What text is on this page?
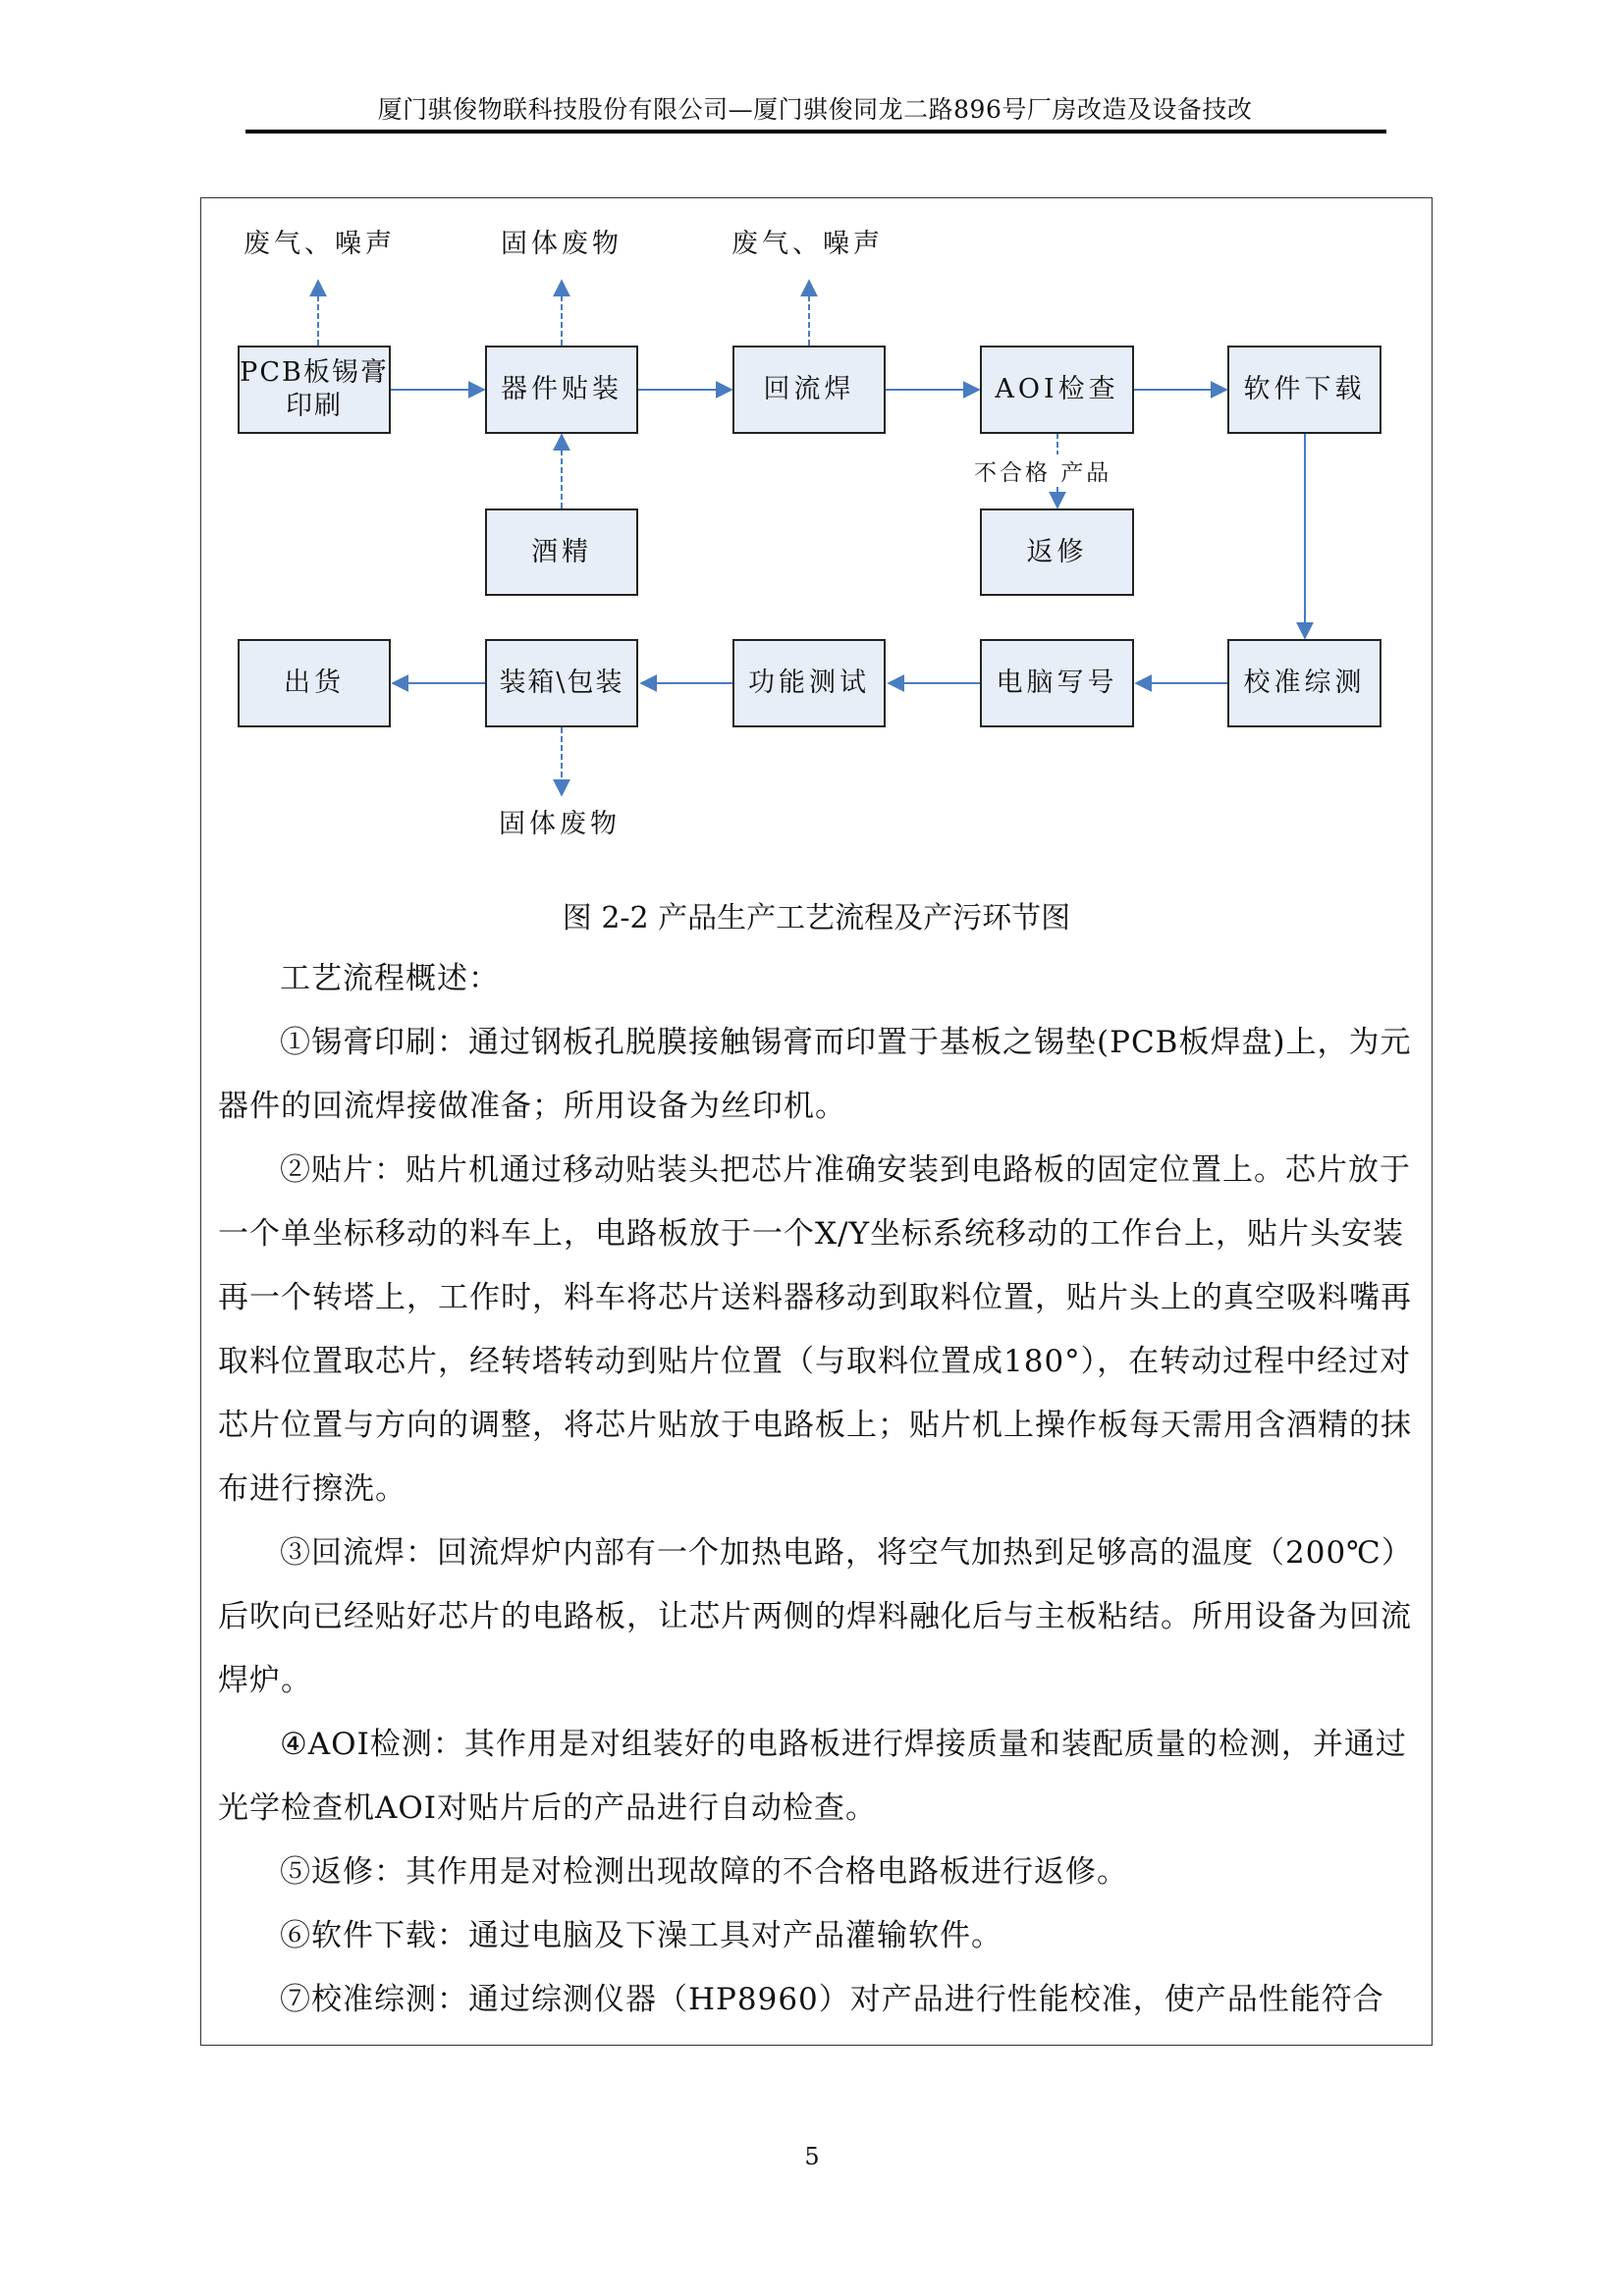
厦门骐俊物联科技股份有限公司—厦门骐俊同龙二路896号厂房改造及设备技改
废气、噪声	固体废物	废气、噪声
固体废物
不合格 产品
PCB板锡膏
印刷
器件贴装	回流焊	AOI检查	软件下载
酒精	返修
出货	装箱\包装	功能测试	电脑写号	校准综测
图 2-2 产品生产工艺流程及产污环节图
工艺流程概述：
①锡膏印刷：通过钢板孔脱膜接触锡膏而印置于基板之锡垫(PCB板焊盘)上，为元器件的回流焊接做准备；所用设备为丝印机。
②贴片：贴片机通过移动贴装头把芯片准确安装到电路板的固定位置上。芯片放于一个单坐标移动的料车上，电路板放于一个X/Y坐标系统移动的工作台上，贴片头安装再一个转塔上，工作时，料车将芯片送料器移动到取料位置，贴片头上的真空吸料嘴再取料位置取芯片，经转塔转动到贴片位置（与取料位置成180°），在转动过程中经过对芯片位置与方向的调整，将芯片贴放于电路板上；贴片机上操作板每天需用含酒精的抹布进行擦洗。
③回流焊：回流焊炉内部有一个加热电路，将空气加热到足够高的温度（200℃）后吹向已经贴好芯片的电路板，让芯片两侧的焊料融化后与主板粘结。所用设备为回流焊炉。
④AOI检测：其作用是对组装好的电路板进行焊接质量和装配质量的检测，并通过光学检查机AOI对贴片后的产品进行自动检查。
⑤返修：其作用是对检测出现故障的不合格电路板进行返修。
⑥软件下载：通过电脑及下澡工具对产品灌输软件。
⑦校准综测：通过综测仪器（HP8960）对产品进行性能校准，使产品性能符合
5
